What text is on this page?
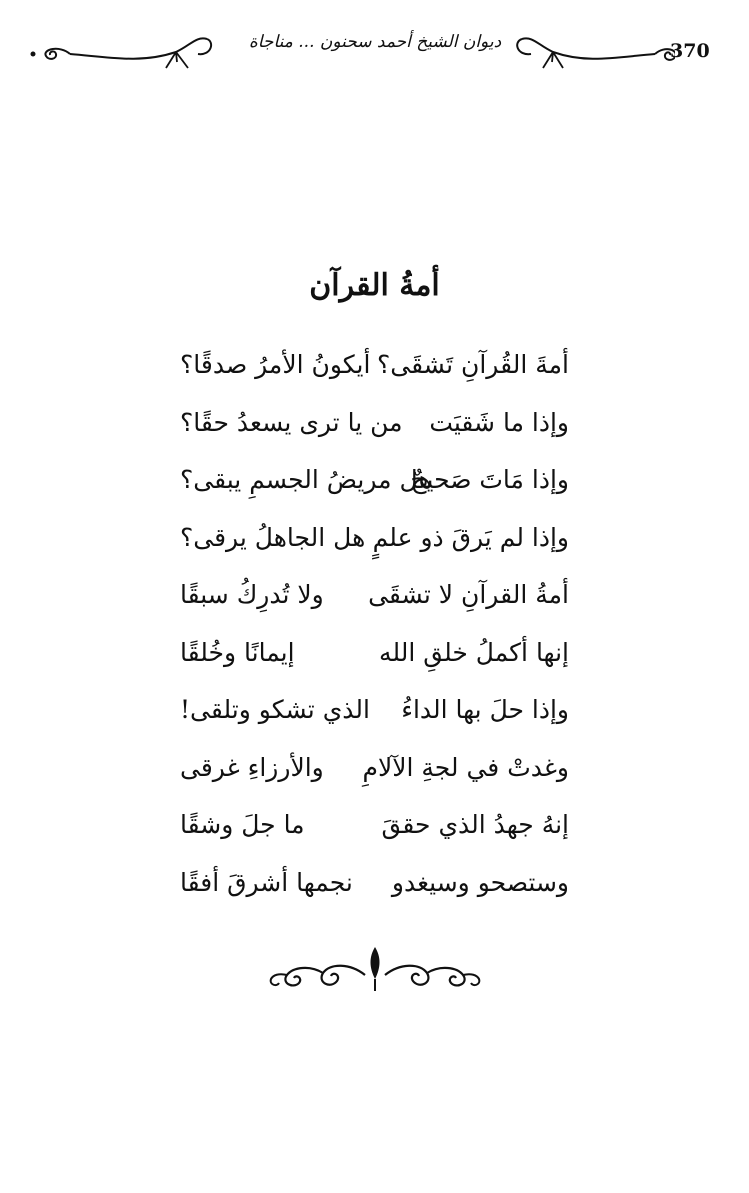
ديوان الشيخ أحمد سحنون ... مناجاة	370
أمةُ القرآن
أمةَ القُرآنِ تَشقَى؟
أيكونُ الأمرُ صدقًا؟
وإذا ما شَقيَت
من يا ترى يسعدُ حقًا؟
وإذا مَاتَ صَحيحٌ
هل مريضُ الجسمِ يبقى؟
وإذا لم يَرقَ ذو علمٍ
هل الجاهلُ يرقى؟
أمةُ القرآنِ لا تشقَى
ولا تُدرِكُ سبقًا
إنها أكملُ خلقِ الله
إيمانًا وخُلقًا
وإذا حلَ بها الداءُ
الذي تشكو وتلقى!
وغدتْ في لجةِ الآلامِ
والأرزاءِ غرقى
إنهُ جهدُ الذي حققَ
ما جلَ وشقًا
وستصحو وسيغدو
نجمها أشرقَ أفقًا
